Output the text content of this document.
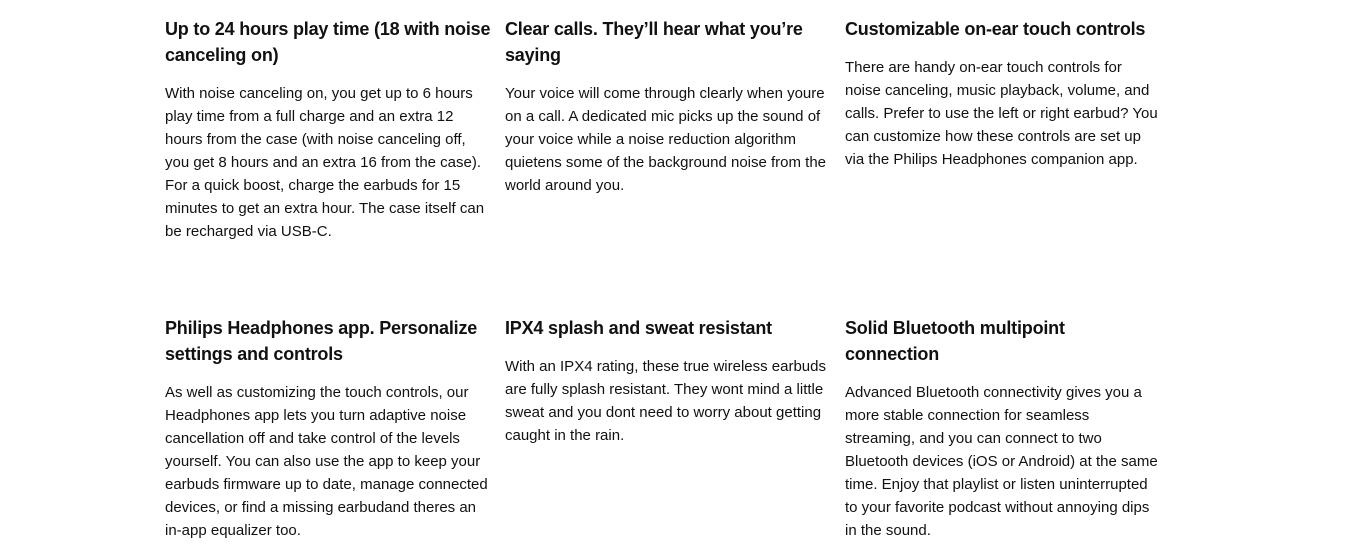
Up to 24 hours play time (18 with noise canceling on)

With noise canceling on, you get up to 6 hours play time from a full charge and an extra 12 hours from the case (with noise canceling off, you get 8 hours and an extra 16 from the case). For a quick boost, charge the earbuds for 15 minutes to get an extra hour. The case itself can be recharged via USB-C.

Clear calls. They’ll hear what you’re saying

Your voice will come through clearly when youre on a call. A dedicated mic picks up the sound of your voice while a noise reduction algorithm quietens some of the background noise from the world around you.

Customizable on-ear touch controls

There are handy on-ear touch controls for noise canceling, music playback, volume, and calls. Prefer to use the left or right earbud? You can customize how these controls are set up via the Philips Headphones companion app.

Philips Headphones app. Personalize settings and controls

As well as customizing the touch controls, our Headphones app lets you turn adaptive noise cancellation off and take control of the levels yourself. You can also use the app to keep your earbuds firmware up to date, manage connected devices, or find a missing earbudand theres an in-app equalizer too.

IPX4 splash and sweat resistant

With an IPX4 rating, these true wireless earbuds are fully splash resistant. They wont mind a little sweat and you dont need to worry about getting caught in the rain.

Solid Bluetooth multipoint connection

Advanced Bluetooth connectivity gives you a more stable connection for seamless streaming, and you can connect to two Bluetooth devices (iOS or Android) at the same time. Enjoy that playlist or listen uninterrupted to your favorite podcast without annoying dips in the sound.
